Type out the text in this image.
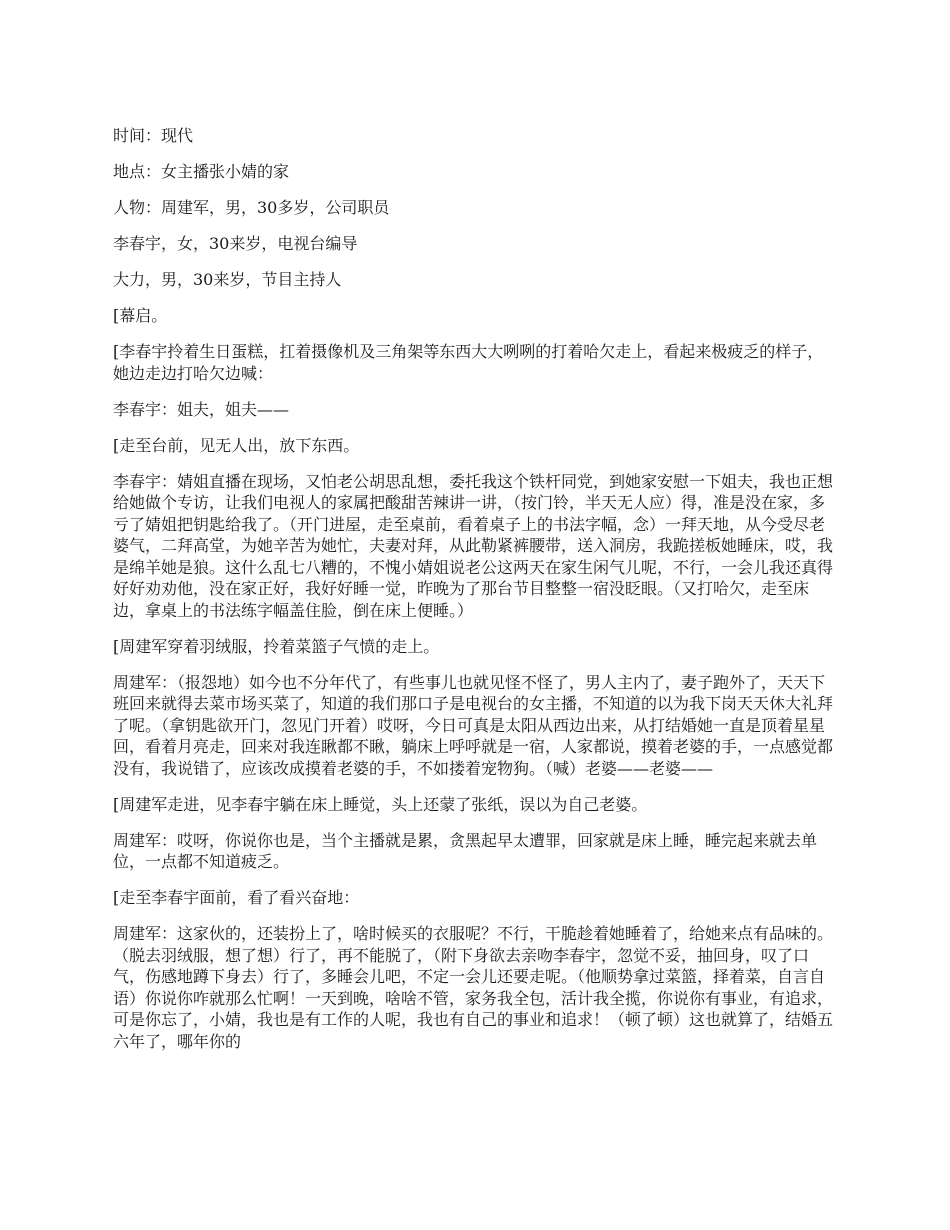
时间：现代

地点：女主播张小婧的家

人物：周建军，男，30多岁，公司职员

李春宇，女，30来岁，电视台编导

大力，男，30来岁，节目主持人

[幕启。

[李春宇拎着生日蛋糕，扛着摄像机及三角架等东西大大咧咧的打着哈欠走上，看起来极疲乏的样子，她边走边打哈欠边喊：

李春宇：姐夫，姐夫——

[走至台前，见无人出，放下东西。

李春宇：婧姐直播在现场，又怕老公胡思乱想，委托我这个铁杆同党，到她家安慰一下姐夫，我也正想给她做个专访，让我们电视人的家属把酸甜苦辣讲一讲，（按门铃，半天无人应）得，准是没在家，多亏了婧姐把钥匙给我了。（开门进屋，走至桌前，看着桌子上的书法字幅，念）一拜天地，从今受尽老婆气，二拜高堂，为她辛苦为她忙，夫妻对拜，从此勒紧裤腰带，送入洞房，我跪搓板她睡床，哎，我是绵羊她是狼。这什么乱七八糟的，不愧小婧姐说老公这两天在家生闲气儿呢，不行，一会儿我还真得好好劝劝他，没在家正好，我好好睡一觉，昨晚为了那台节目整整一宿没眨眼。（又打哈欠，走至床边，拿桌上的书法练字幅盖住脸，倒在床上便睡。）

[周建军穿着羽绒服，拎着菜篮子气愤的走上。

周建军：（报怨地）如今也不分年代了，有些事儿也就见怪不怪了，男人主内了，妻子跑外了，天天下班回来就得去菜市场买菜了，知道的我们那口子是电视台的女主播，不知道的以为我下岗天天休大礼拜了呢。（拿钥匙欲开门，忽见门开着）哎呀，今日可真是太阳从西边出来，从打结婚她一直是顶着星星回，看着月亮走，回来对我连瞅都不瞅，躺床上呼呼就是一宿，人家都说，摸着老婆的手，一点感觉都没有，我说错了，应该改成摸着老婆的手，不如搂着宠物狗。（喊）老婆——老婆——

[周建军走进，见李春宇躺在床上睡觉，头上还蒙了张纸，误以为自己老婆。

周建军：哎呀，你说你也是，当个主播就是累，贪黑起早太遭罪，回家就是床上睡，睡完起来就去单位，一点都不知道疲乏。

[走至李春宇面前，看了看兴奋地：

周建军：这家伙的，还装扮上了，啥时候买的衣服呢？不行，干脆趁着她睡着了，给她来点有品味的。（脱去羽绒服，想了想）行了，再不能脱了，（附下身欲去亲吻李春宇，忽觉不妥，抽回身，叹了口气，伤感地蹲下身去）行了，多睡会儿吧，不定一会儿还要走呢。（他顺势拿过菜篮，择着菜，自言自语）你说你咋就那么忙啊！一天到晚，啥啥不管，家务我全包，活计我全揽，你说你有事业，有追求，可是你忘了，小婧，我也是有工作的人呢，我也有自己的事业和追求！（顿了顿）这也就算了，结婚五六年了，哪年你的
